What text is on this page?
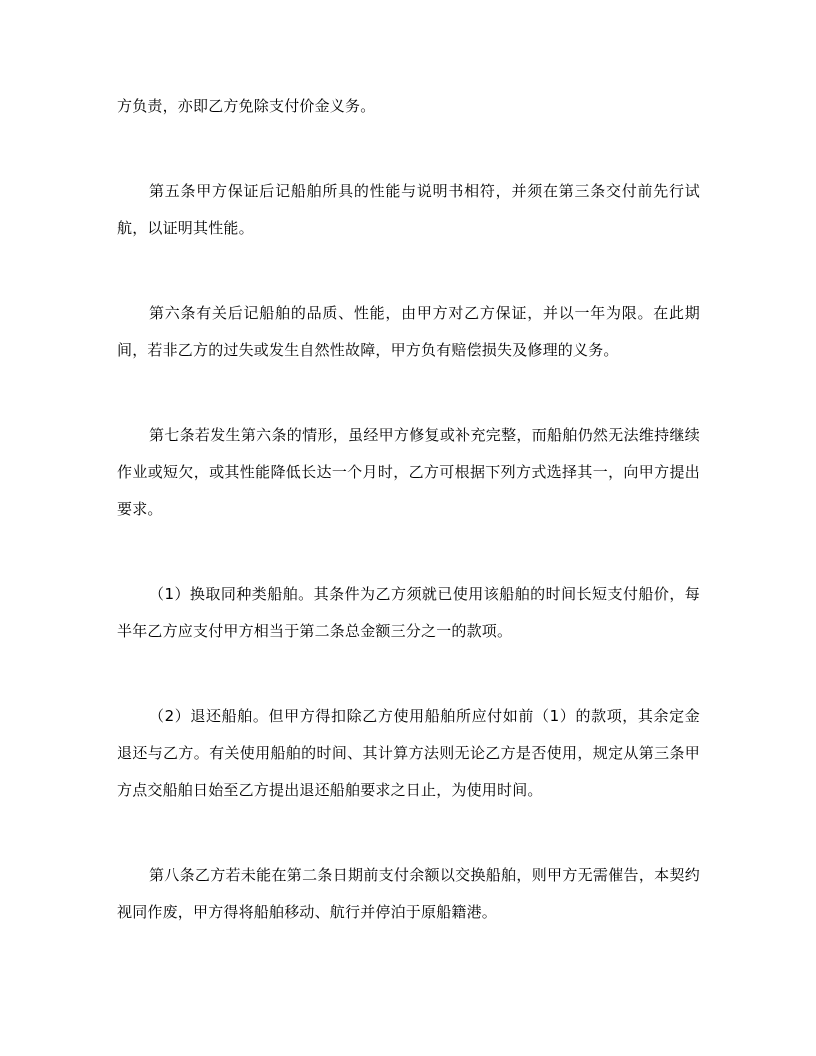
方负责，亦即乙方免除支付价金义务。

第五条甲方保证后记船舶所具的性能与说明书相符，并须在第三条交付前先行试航，以证明其性能。

第六条有关后记船舶的品质、性能，由甲方对乙方保证，并以一年为限。在此期间，若非乙方的过失或发生自然性故障，甲方负有赔偿损失及修理的义务。

第七条若发生第六条的情形，虽经甲方修复或补充完整，而船舶仍然无法维持继续作业或短欠，或其性能降低长达一个月时，乙方可根据下列方式选择其一，向甲方提出要求。

（1）换取同种类船舶。其条件为乙方须就已使用该船舶的时间长短支付船价，每半年乙方应支付甲方相当于第二条总金额三分之一的款项。

（2）退还船舶。但甲方得扣除乙方使用船舶所应付如前（1）的款项，其余定金退还与乙方。有关使用船舶的时间、其计算方法则无论乙方是否使用，规定从第三条甲方点交船舶日始至乙方提出退还船舶要求之日止，为使用时间。

第八条乙方若未能在第二条日期前支付余额以交换船舶，则甲方无需催告，本契约视同作废，甲方得将船舶移动、航行并停泊于原船籍港。
